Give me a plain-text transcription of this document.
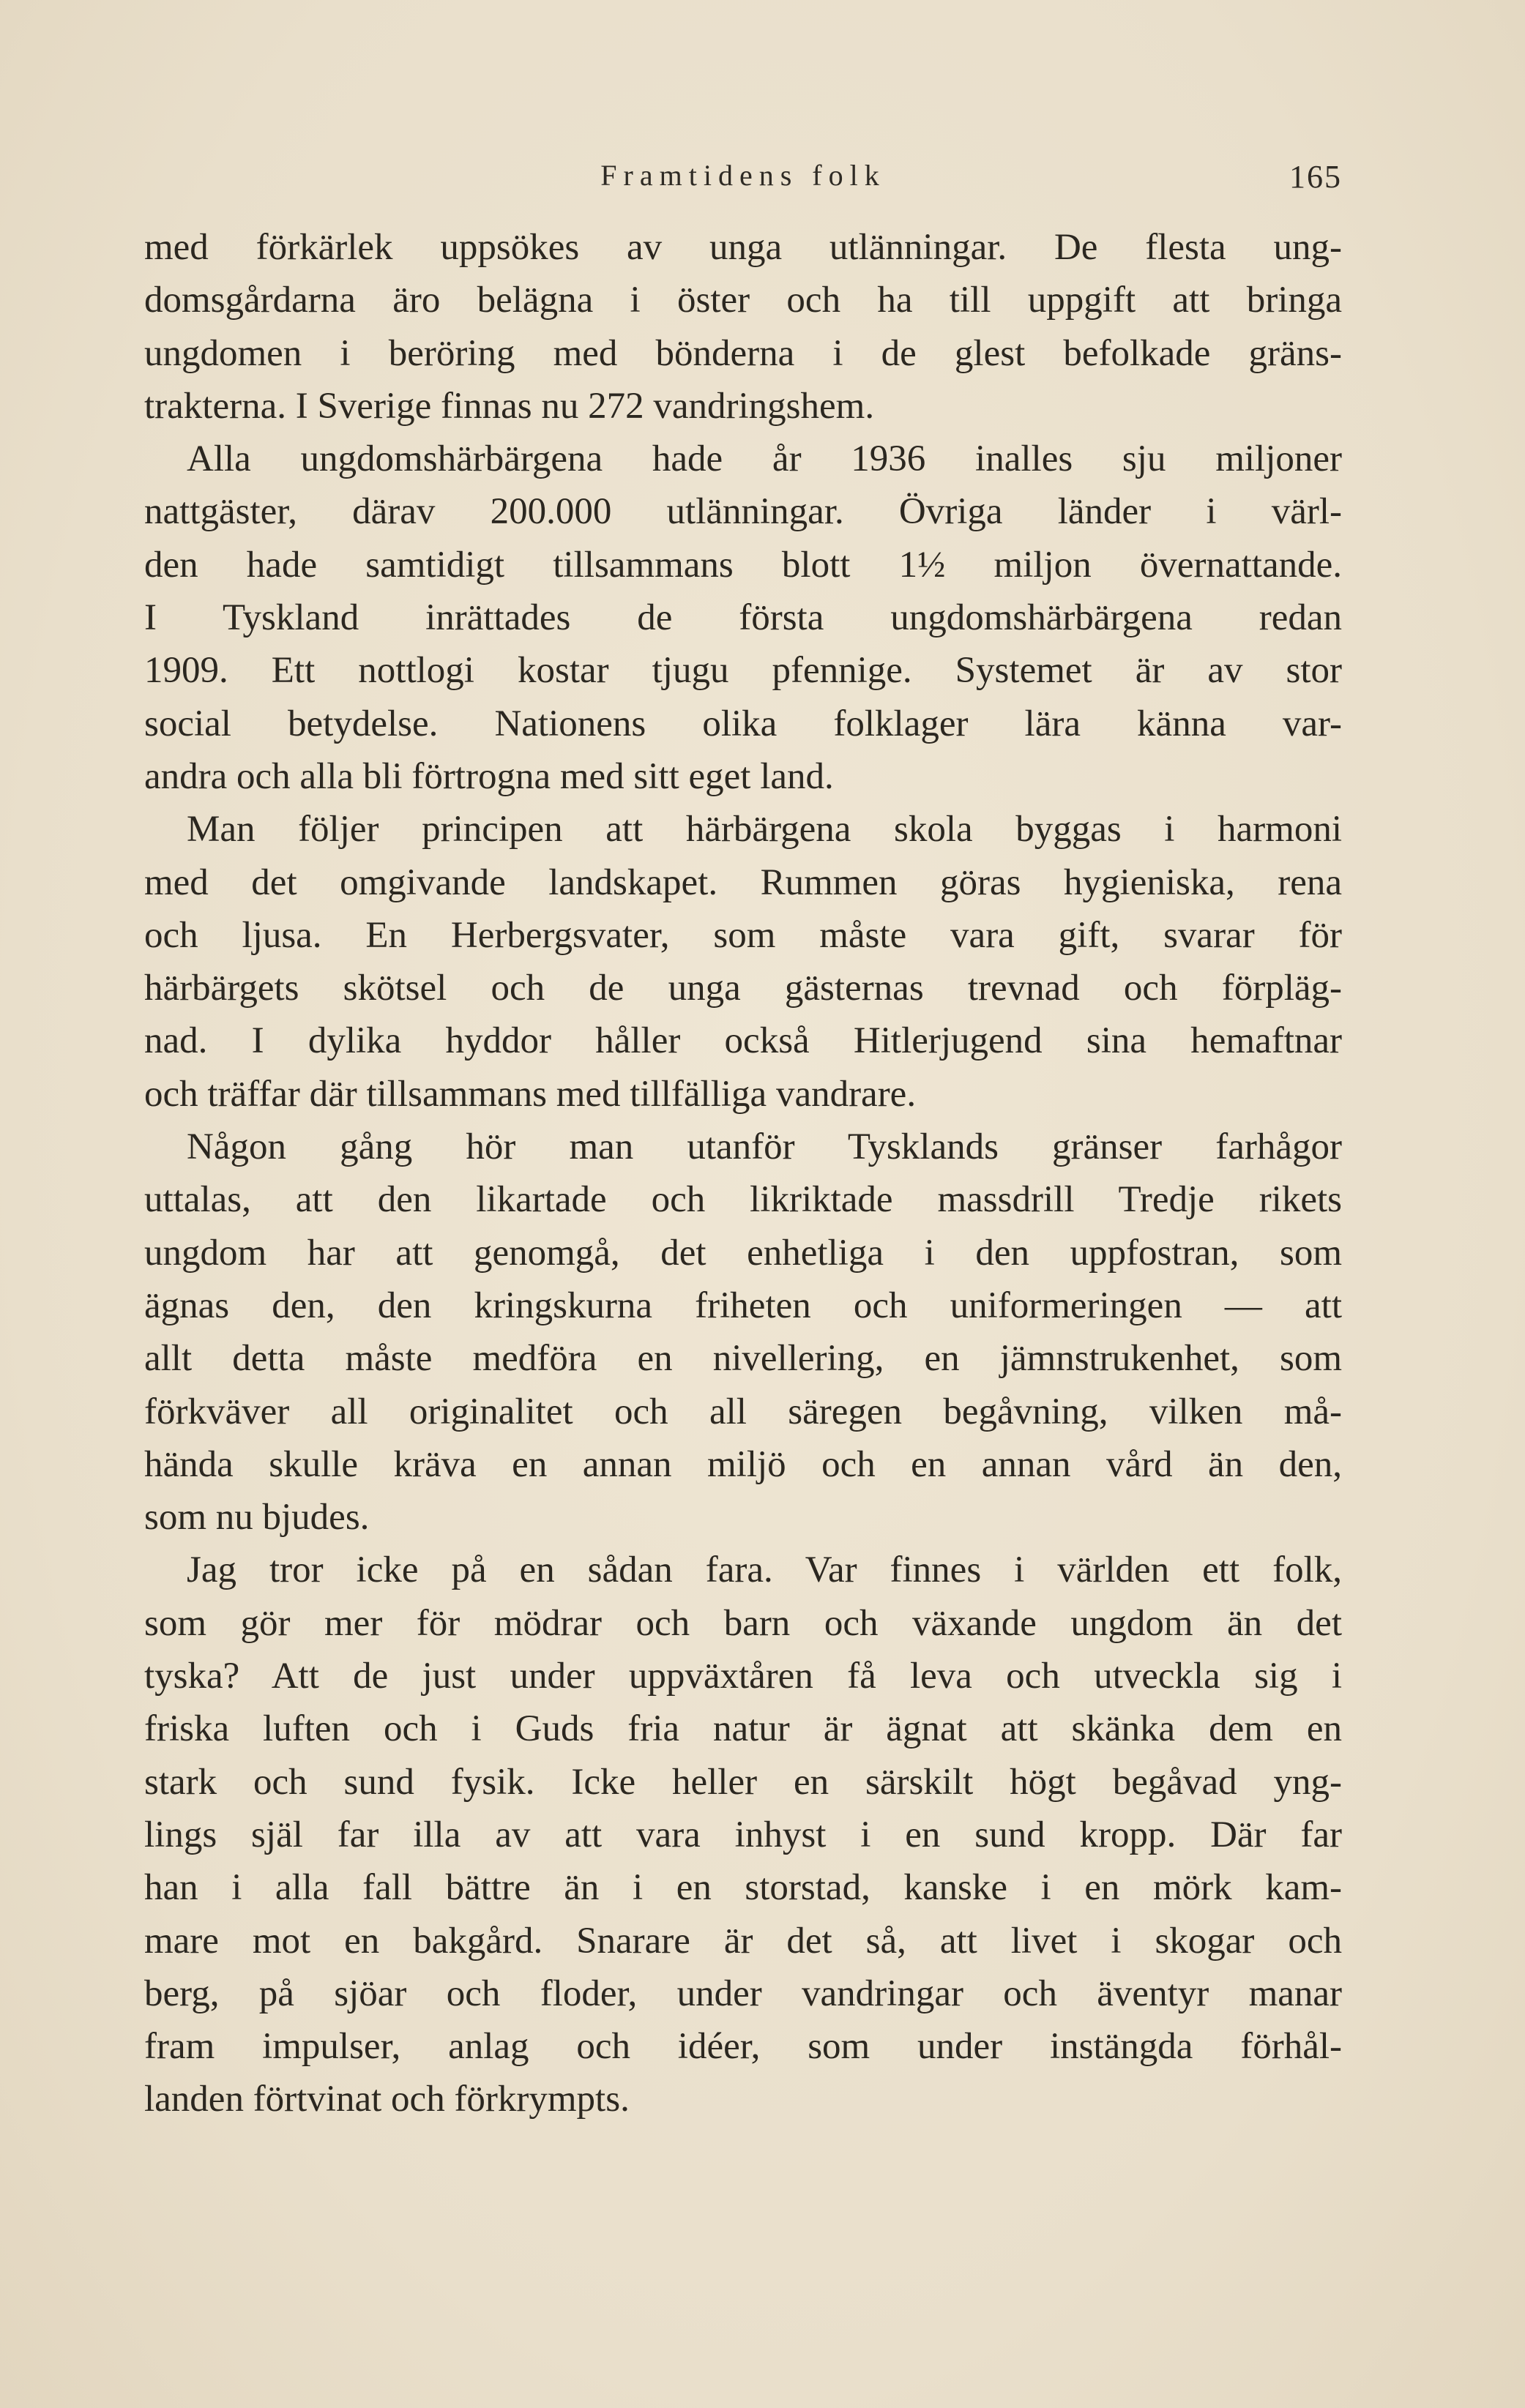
Framtidens folk	165
med förkärlek uppsökes av unga utlänningar. De flesta ung-
domsgårdarna äro belägna i öster och ha till uppgift att bringa
ungdomen i beröring med bönderna i de glest befolkade gräns-
trakterna. I Sverige finnas nu 272 vandringshem.
Alla ungdomshärbärgena hade år 1936 inalles sju miljoner
nattgäster, därav 200.000 utlänningar. Övriga länder i värl-
den hade samtidigt tillsammans blott 1½ miljon övernattande.
I Tyskland inrättades de första ungdomshärbärgena redan
1909. Ett nottlogi kostar tjugu pfennige. Systemet är av stor
social betydelse. Nationens olika folklager lära känna var-
andra och alla bli förtrogna med sitt eget land.
Man följer principen att härbärgena skola byggas i harmoni
med det omgivande landskapet. Rummen göras hygieniska, rena
och ljusa. En Herbergsvater, som måste vara gift, svarar för
härbärgets skötsel och de unga gästernas trevnad och förpläg-
nad. I dylika hyddor håller också Hitlerjugend sina hemaftnar
och träffar där tillsammans med tillfälliga vandrare.
Någon gång hör man utanför Tysklands gränser farhågor
uttalas, att den likartade och likriktade massdrill Tredje rikets
ungdom har att genomgå, det enhetliga i den uppfostran, som
ägnas den, den kringskurna friheten och uniformeringen — att
allt detta måste medföra en nivellering, en jämnstrukenhet, som
förkväver all originalitet och all säregen begåvning, vilken må-
hända skulle kräva en annan miljö och en annan vård än den,
som nu bjudes.
Jag tror icke på en sådan fara. Var finnes i världen ett folk,
som gör mer för mödrar och barn och växande ungdom än det
tyska? Att de just under uppväxtåren få leva och utveckla sig i
friska luften och i Guds fria natur är ägnat att skänka dem en
stark och sund fysik. Icke heller en särskilt högt begåvad yng-
lings själ far illa av att vara inhyst i en sund kropp. Där far
han i alla fall bättre än i en storstad, kanske i en mörk kam-
mare mot en bakgård. Snarare är det så, att livet i skogar och
berg, på sjöar och floder, under vandringar och äventyr manar
fram impulser, anlag och idéer, som under instängda förhål-
landen förtvinat och förkrympts.
